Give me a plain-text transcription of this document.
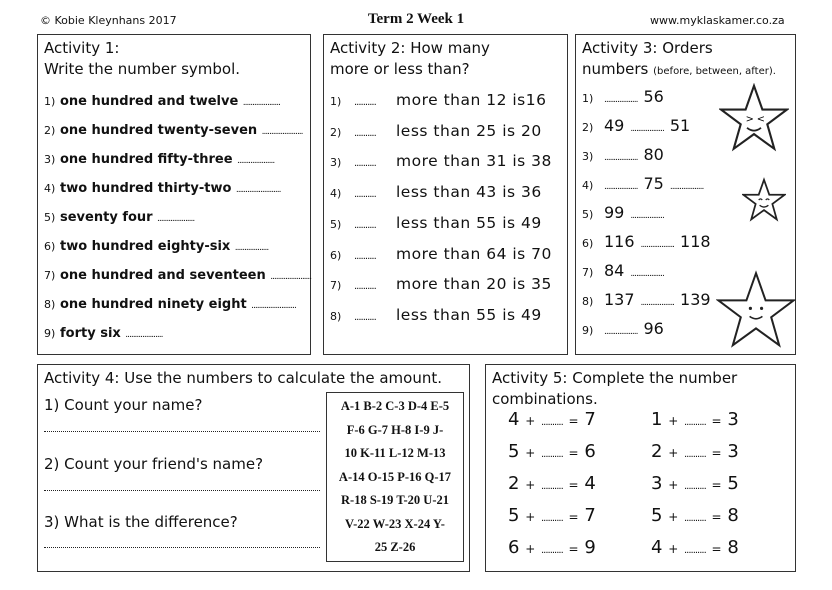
© Kobie Kleynhans 2017	Term 2 Week 1	www.myklaskamer.co.za
Activity 1:
Write the number symbol.
1) one hundred and twelve ....................
2) one hundred twenty-seven ......................
3) one hundred fifty-three ....................
4) two hundred thirty-two ........................
5) seventy four ....................
6) two hundred eighty-six ..................
7) one hundred and seventeen ......................
8) one hundred ninety eight ........................
9) forty six ....................
Activity 2: How many
more or less than?
1) .......... more than 12 is16
2) .......... less than 25 is 20
3) .......... more than 31 is 38
4) .......... less than 43 is 36
5) .......... less than 55 is 49
6) .......... more than 64 is 70
7) .......... more than 20 is 35
8) .......... less than 55 is 49
Activity 3: Orders
numbers (before, between, after).
1) .................. 56
2) 49 .................. 51
3) .................. 80
4) .................. 75 ..................
5) 99 ..................
6) 116 .................. 118
7) 84 ..................
8) 137 .................. 139
9) .................. 96
> <
Activity 4: Use the numbers to calculate the amount.
1) Count your name?
2) Count your friend's name?
3) What is the difference?
A-1 B-2 C-3 D-4 E-5
F-6 G-7 H-8 I-9 J-
10 K-11 L-12 M-13
A-14 O-15 P-16 Q-17
R-18 S-19 T-20 U-21
V-22 W-23 X-24 Y-
25 Z-26
Activity 5: Complete the number
combinations.
4 + .......... = 7
5 + .......... = 6
2 + .......... = 4
5 + .......... = 7
6 + .......... = 9
1 + .......... = 3
2 + .......... = 3
3 + .......... = 5
5 + .......... = 8
4 + .......... = 8
